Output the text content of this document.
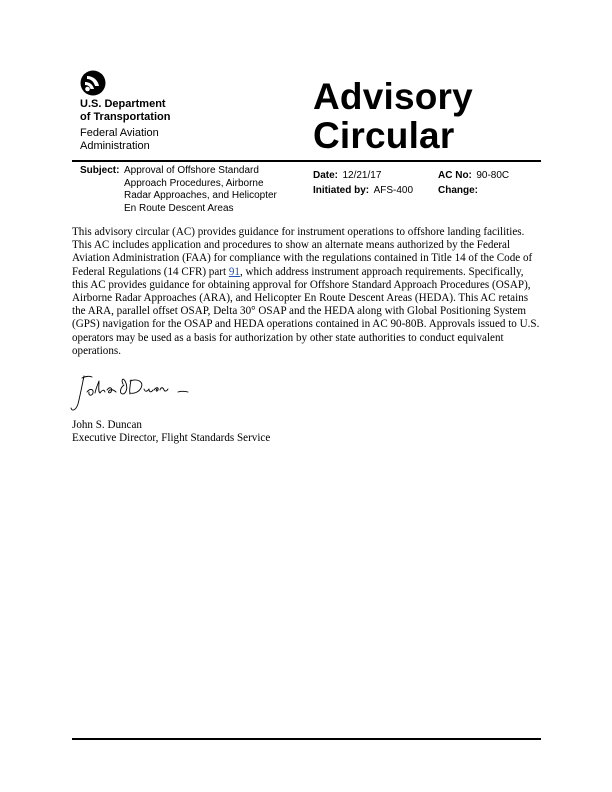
U.S. Department
of Transportation
Federal Aviation
Administration
Advisory
Circular
Subject: Approval of Offshore Standard
Approach Procedures, Airborne
Radar Approaches, and Helicopter
En Route Descent Areas
Date: 12/21/17
Initiated by: AFS-400
AC No: 90-80C
Change:
This advisory circular (AC) provides guidance for instrument operations to offshore landing facilities. This AC includes application and procedures to show an alternate means authorized by the Federal Aviation Administration (FAA) for compliance with the regulations contained in Title 14 of the Code of Federal Regulations (14 CFR) part 91, which address instrument approach requirements. Specifically, this AC provides guidance for obtaining approval for Offshore Standard Approach Procedures (OSAP), Airborne Radar Approaches (ARA), and Helicopter En Route Descent Areas (HEDA). This AC retains the ARA, parallel offset OSAP, Delta 30° OSAP and the HEDA along with Global Positioning System (GPS) navigation for the OSAP and HEDA operations contained in AC 90-80B. Approvals issued to U.S. operators may be used as a basis for authorization by other state authorities to conduct equivalent operations.
John S. Duncan
Executive Director, Flight Standards Service
